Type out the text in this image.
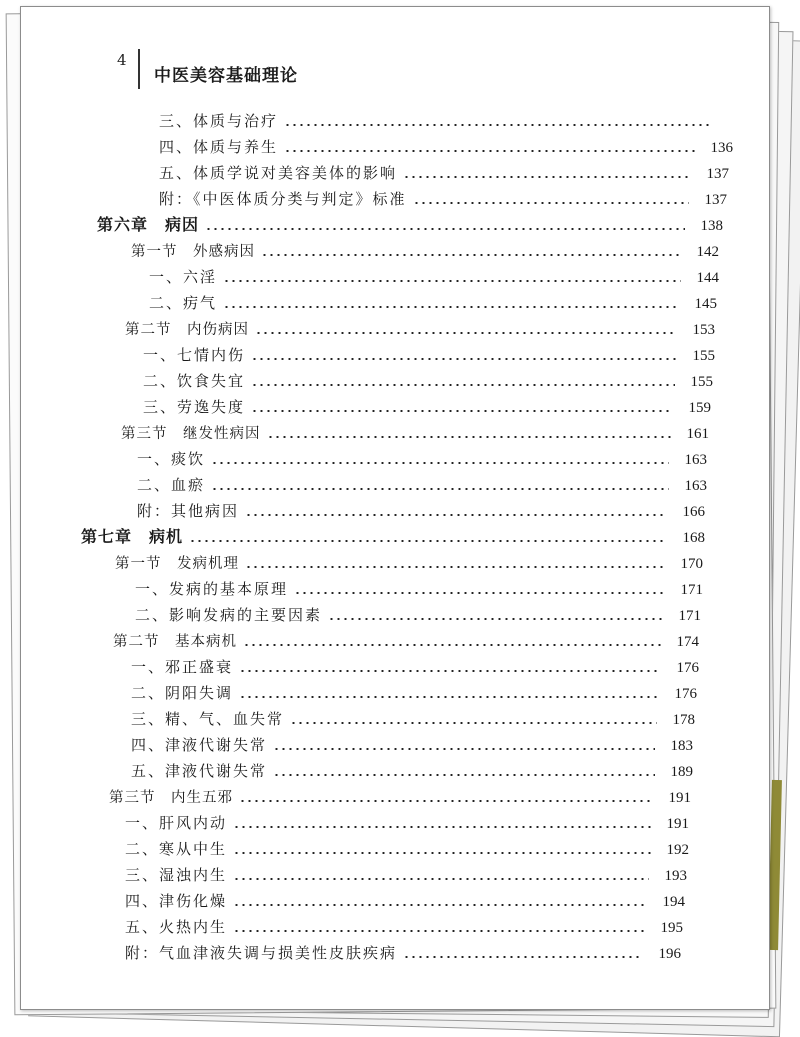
4
中医美容基础理论
三、体质与治疗
四、体质与养生	136
五、体质学说对美容美体的影响	137
附：《中医体质分类与判定》标准	137
第六章　病因	138
第一节　外感病因	142
一、六淫	144
二、疠气	145
第二节　内伤病因	153
一、七情内伤	155
二、饮食失宜	155
三、劳逸失度	159
第三节　继发性病因	161
一、痰饮	163
二、血瘀	163
附：其他病因	166
第七章　病机	168
第一节　发病机理	170
一、发病的基本原理	171
二、影响发病的主要因素	171
第二节　基本病机	174
一、邪正盛衰	176
二、阴阳失调	176
三、精、气、血失常	178
四、津液代谢失常	183
五、津液代谢失常	189
第三节　内生五邪	191
一、肝风内动	191
二、寒从中生	192
三、湿浊内生	193
四、津伤化燥	194
五、火热内生	195
附：气血津液失调与损美性皮肤疾病	196
